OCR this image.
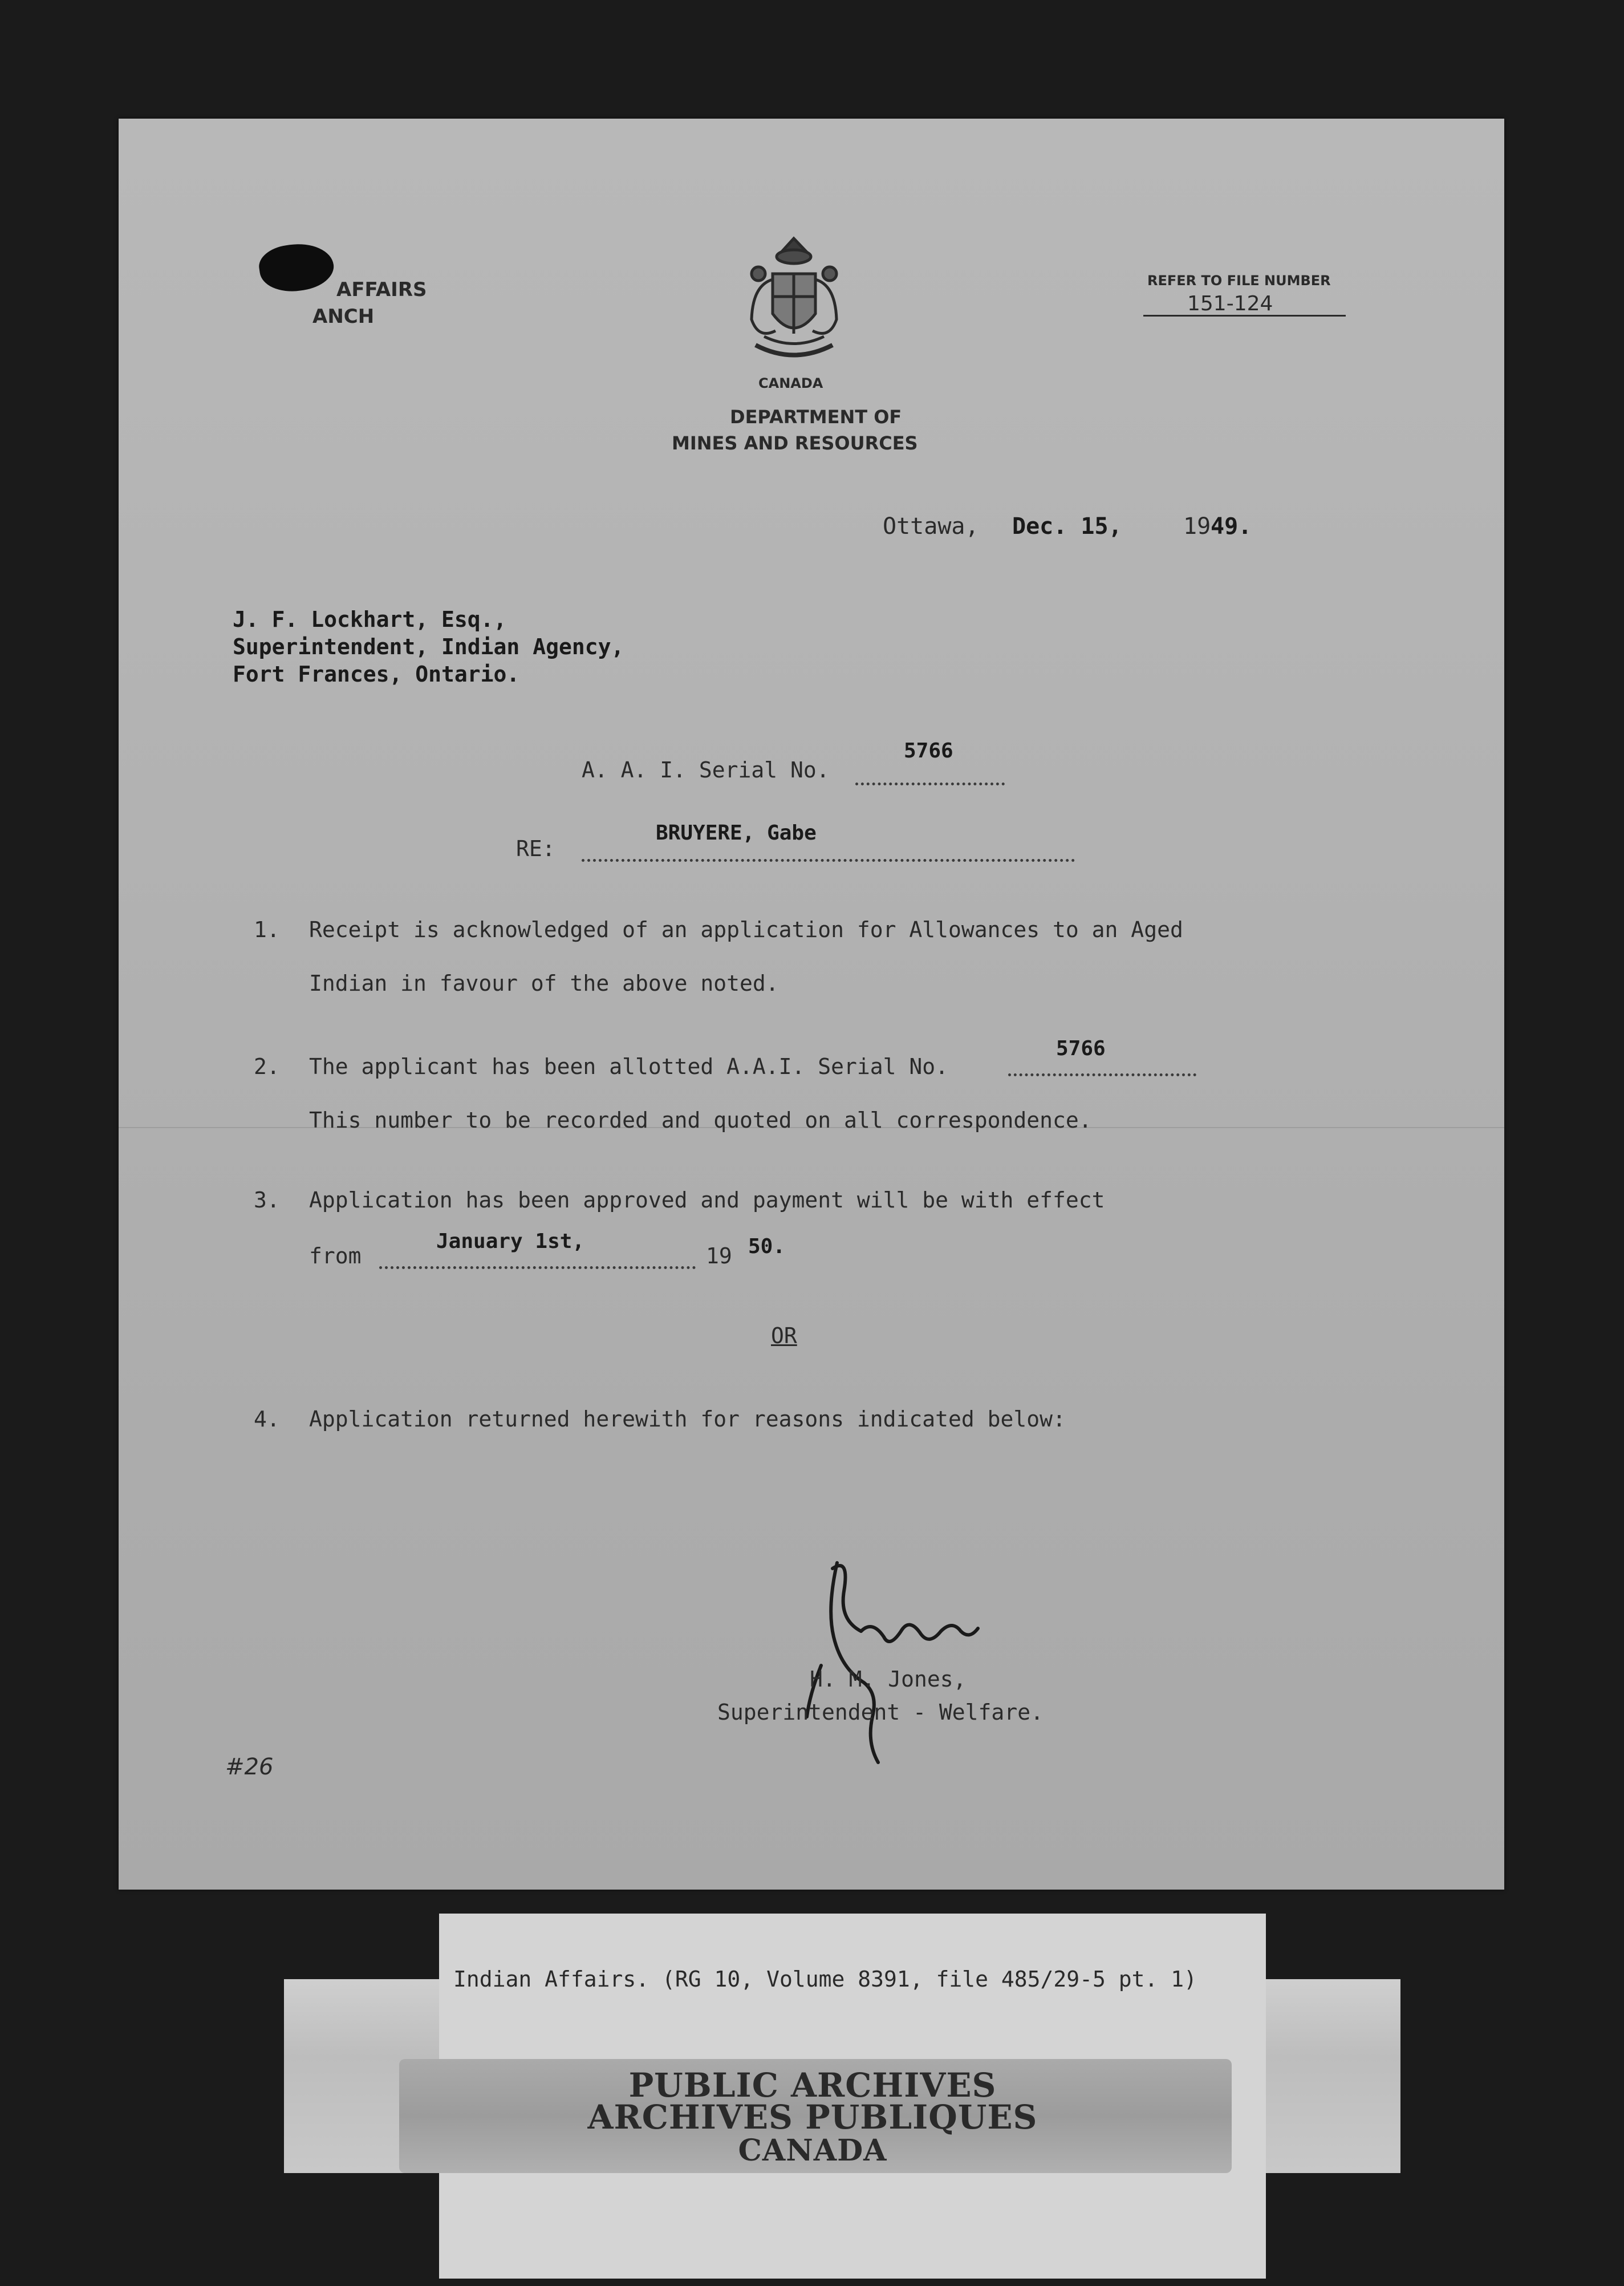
AFFAIRS
ANCH
CANADA
DEPARTMENT OF
MINES AND RESOURCES
REFER TO FILE NUMBER
151-124
Ottawa, Dec. 15,	19 49.
J. F. Lockhart, Esq.,
Superintendent, Indian Agency,
Fort Frances, Ontario.
A. A. I. Serial No.
5766
RE:
BRUYERE, Gabe
1. Receipt is acknowledged of an application for Allowances to an Aged
Indian in favour of the above noted.
2. The applicant has been allotted A.A.I. Serial No.
5766
This number to be recorded and quoted on all correspondence.
3. Application has been approved and payment will be with effect
from
January 1st,
19 50.
OR
4. Application returned herewith for reasons indicated below:
H. M. Jones,
Superintendent - Welfare.
#26
Indian Affairs. (RG 10, Volume 8391, file 485/29-5 pt. 1)
PUBLIC ARCHIVES
ARCHIVES PUBLIQUES
CANADA
